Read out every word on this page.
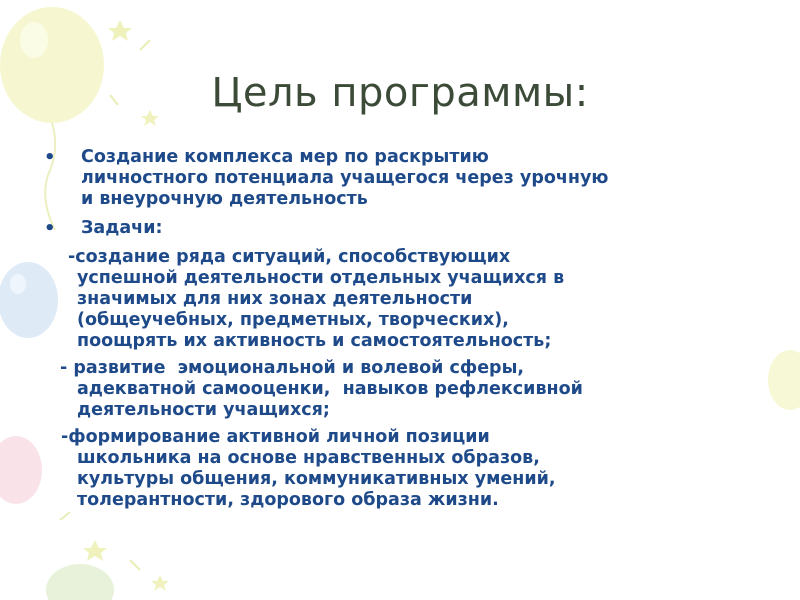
Цель программы:
• Создание комплекса мер по раскрытию
личностного потенциала учащегося через урочную
и внеурочную деятельность
• Задачи:
-создание ряда ситуаций, способствующих
успешной деятельности отдельных учащихся в
значимых для них зонах деятельности
(общеучебных, предметных, творческих),
поощрять их активность и самостоятельность;
- развитие  эмоциональной и волевой сферы,
адекватной самооценки,  навыков рефлексивной
деятельности учащихся;
-формирование активной личной позиции
школьника на основе нравственных образов,
культуры общения, коммуникативных умений,
толерантности, здорового образа жизни.
